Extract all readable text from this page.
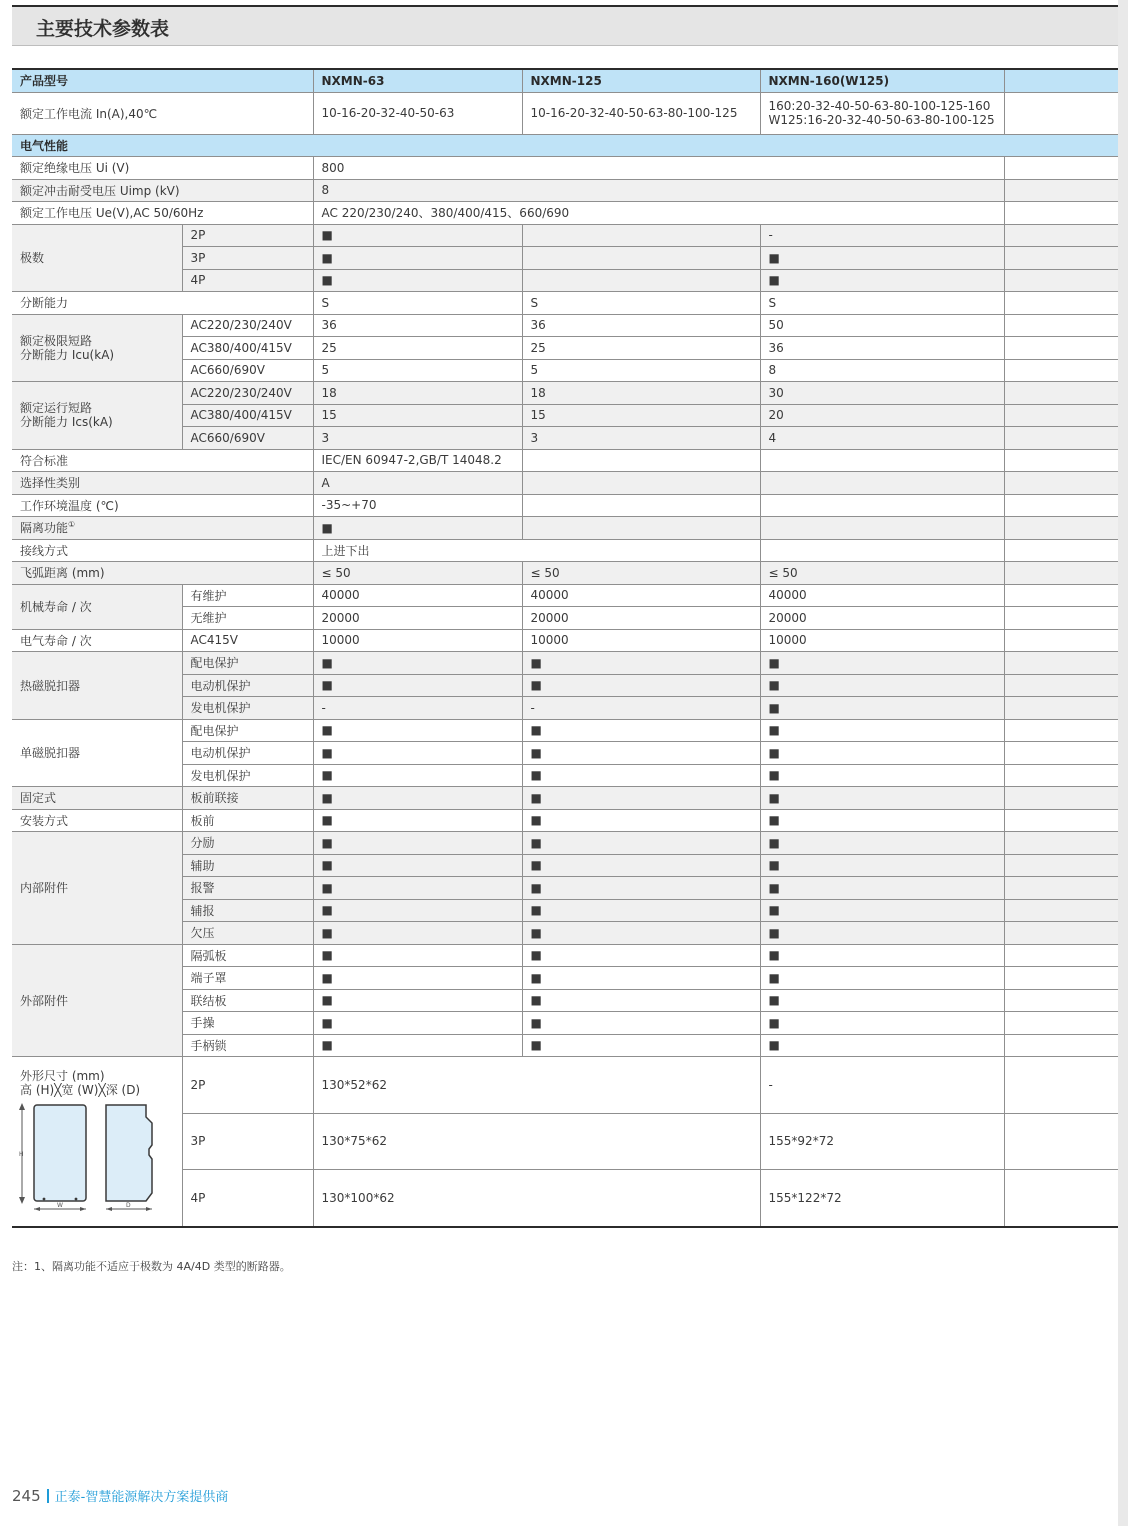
主要技术参数表
产品型号		NXMN-63	NXMN-125	NXMN-160(W125)	
额定工作电流 In(A),40℃		10-16-20-32-40-50-63	10-16-20-32-40-50-63-80-100-125	160:20-32-40-50-63-80-100-125-160
W125:16-20-32-40-50-63-80-100-125	
电气性能					
额定绝缘电压 Ui (V)		800			
额定冲击耐受电压 Uimp (kV)		8			
额定工作电压 Ue(V),AC 50/60Hz		AC 220/230/240、380/400/415、660/690			
极数	2P	■		-	
	3P	■		■	
	4P	■		■	
分断能力		S	S	S	
额定极限短路
分断能力 Icu(kA)	AC220/230/240V	36	36	50	
	AC380/400/415V	25	25	36	
	AC660/690V	5	5	8	
额定运行短路
分断能力 Ics(kA)	AC220/230/240V	18	18	30	
	AC380/400/415V	15	15	20	
	AC660/690V	3	3	4	
符合标准		IEC/EN 60947-2,GB/T 14048.2			
选择性类别		A			
工作环境温度 (℃)		-35~+70			
隔离功能①		■			
接线方式		上进下出			
飞弧距离 (mm)		≤ 50	≤ 50	≤ 50	
机械寿命 / 次	有维护	40000	40000	40000	
	无维护	20000	20000	20000	
电气寿命 / 次	AC415V	10000	10000	10000	
热磁脱扣器	配电保护	■	■	■	
	电动机保护	■	■	■	
	发电机保护	-	-	■	
单磁脱扣器	配电保护	■	■	■	
	电动机保护	■	■	■	
	发电机保护	■	■	■	
固定式	板前联接	■	■	■	
安装方式	板前	■	■	■	
内部附件	分励	■	■	■	
	辅助	■	■	■	
	报警	■	■	■	
	辅报	■	■	■	
	欠压	■	■	■	
外部附件	隔弧板	■	■	■	
	端子罩	■	■	■	
	联结板	■	■	■	
	手操	■	■	■	
	手柄锁	■	■	■	

外形尺寸 (mm)
高 (H)╳宽 (W)╳深 (D)
H
W D	2P	130*52*62		-	
	3P	130*75*62		155*92*72	
	4P	130*100*62		155*122*72	
注：1、隔离功能不适应于极数为 4A/4D 类型的断路器。
245 正泰-智慧能源解决方案提供商
